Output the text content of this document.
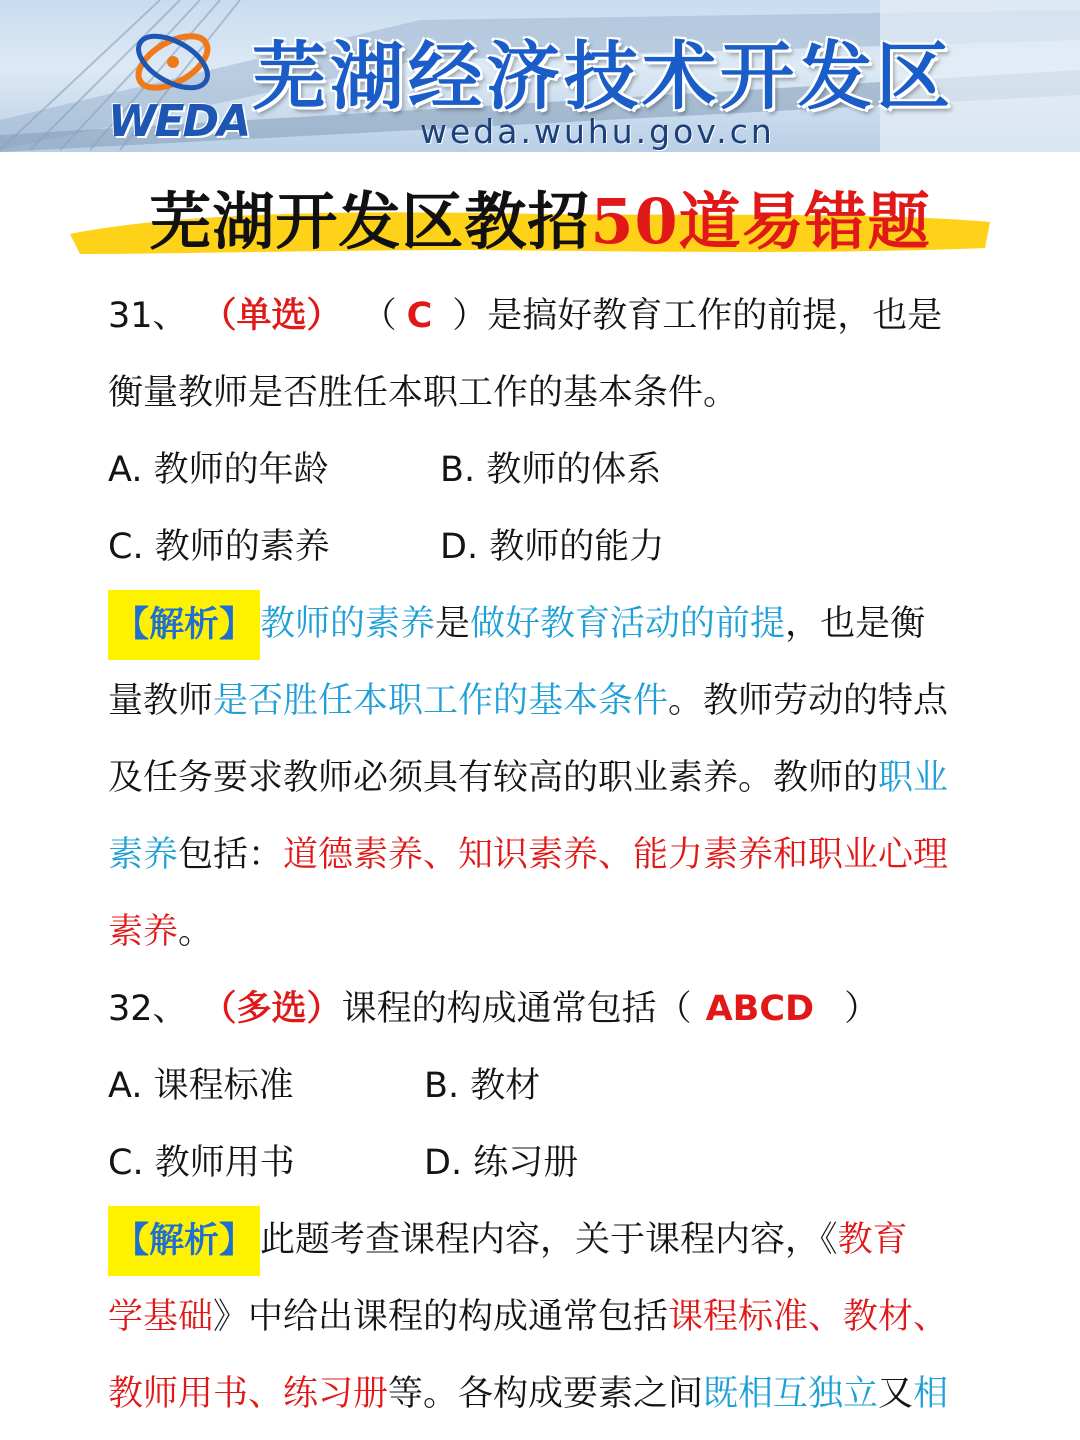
WEDA
芜湖经济技术开发区
weda.wuhu.gov.cn
芜湖开发区教招50道易错题
31、 （单选） （ C ）是搞好教育工作的前提，也是
衡量教师是否胜任本职工作的基本条件。
A. 教师的年龄	B. 教师的体系
C. 教师的素养	D. 教师的能力
【解析】 教师的素养是做好教育活动的前提，也是衡
量教师是否胜任本职工作的基本条件。教师劳动的特点
及任务要求教师必须具有较高的职业素养。教师的职业
素养包括：道德素养、知识素养、能力素养和职业心理
素养。
32、 （多选）课程的构成通常包括（ ABCD ）
A. 课程标准	B. 教材
C. 教师用书	D. 练习册
【解析】 此题考查课程内容，关于课程内容，《教育
学基础》中给出课程的构成通常包括课程标准、教材、
教师用书、练习册等。各构成要素之间既相互独立又相
